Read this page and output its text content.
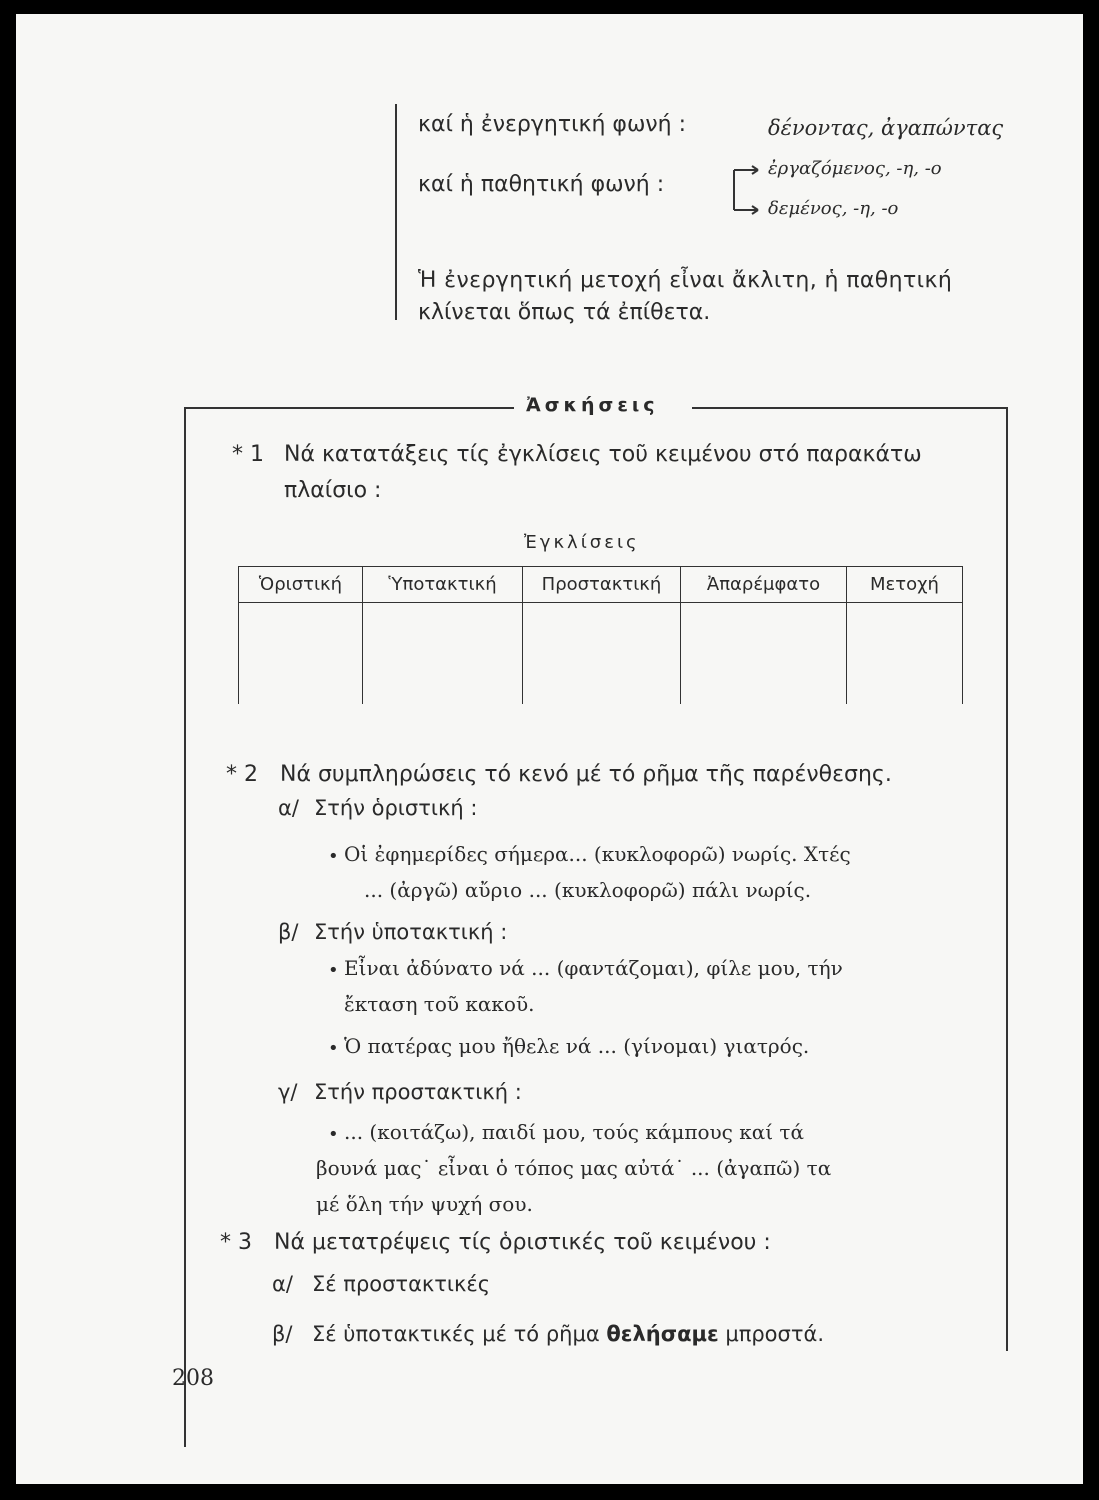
καί ἡ ἐνεργητική φωνή :	δένοντας, ἀγαπώντας
καί ἡ παθητική φωνή :
ἐργαζόμενος, -η, -ο
δεμένος, -η, -ο
Ἡ ἐνεργητική μετοχή εἶναι ἄκλιτη, ἡ παθητική
κλίνεται ὅπως τά ἐπίθετα.
Ἀσκήσεις
* 1 Νά κατατάξεις τίς ἐγκλίσεις τοῦ κειμένου στό παρακάτω
πλαίσιο :
Ἐγκλίσεις
Ὁριστική	Ὑποτακτική	Προστακτική	Ἀπαρέμφατο	Μετοχή

* 2 Νά συμπληρώσεις τό κενό μέ τό ρῆμα τῆς παρένθεσης.
α/ Στήν ὁριστική :
• Οἱ ἐφημερίδες σήμερα... (κυκλοφορῶ) νωρίς. Χτές
... (ἀργῶ) αὔριο ... (κυκλοφορῶ) πάλι νωρίς.
β/ Στήν ὑποτακτική :
• Εἶναι ἀδύνατο νά ... (φαντάζομαι), φίλε μου, τήν
ἔκταση τοῦ κακοῦ.
• Ὁ πατέρας μου ἤθελε νά ... (γίνομαι) γιατρός.
γ/ Στήν προστακτική :
• ... (κοιτάζω), παιδί μου, τούς κάμπους καί τά
βουνά μας˙ εἶναι ὁ τόπος μας αὐτά˙ ... (ἀγαπῶ) τα
μέ ὅλη τήν ψυχή σου.
* 3 Νά μετατρέψεις τίς ὁριστικές τοῦ κειμένου :
α/ Σέ προστακτικές
β/ Σέ ὑποτακτικές μέ τό ρῆμα θελήσαμε μπροστά.
208
